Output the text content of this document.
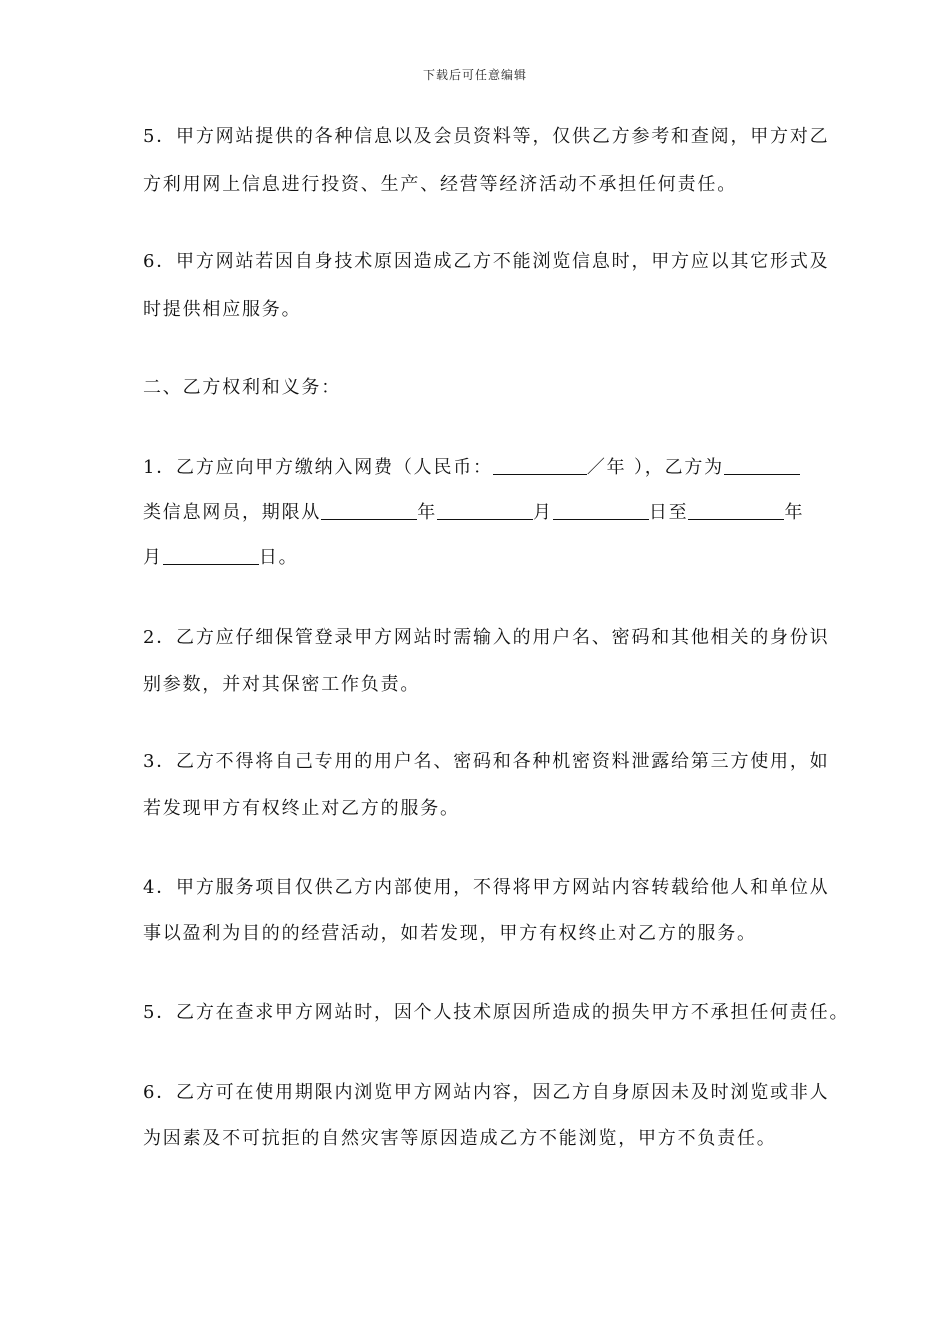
下载后可任意编辑
5．甲方网站提供的各种信息以及会员资料等，仅供乙方参考和查阅，甲方对乙
方利用网上信息进行投资、生产、经营等经济活动不承担任何责任。
6．甲方网站若因自身技术原因造成乙方不能浏览信息时，甲方应以其它形式及
时提供相应服务。
二、乙方权利和义务：
1．乙方应向甲方缴纳入网费（人民币：	／年 ），乙方为
类信息网员，期限从	年	月	日至	年
月	日。
2．乙方应仔细保管登录甲方网站时需输入的用户名、密码和其他相关的身份识
别参数，并对其保密工作负责。
3．乙方不得将自己专用的用户名、密码和各种机密资料泄露给第三方使用，如
若发现甲方有权终止对乙方的服务。
4．甲方服务项目仅供乙方内部使用，不得将甲方网站内容转载给他人和单位从
事以盈利为目的的经营活动，如若发现，甲方有权终止对乙方的服务。
5．乙方在查求甲方网站时，因个人技术原因所造成的损失甲方不承担任何责任。
6．乙方可在使用期限内浏览甲方网站内容，因乙方自身原因未及时浏览或非人
为因素及不可抗拒的自然灾害等原因造成乙方不能浏览，甲方不负责任。
